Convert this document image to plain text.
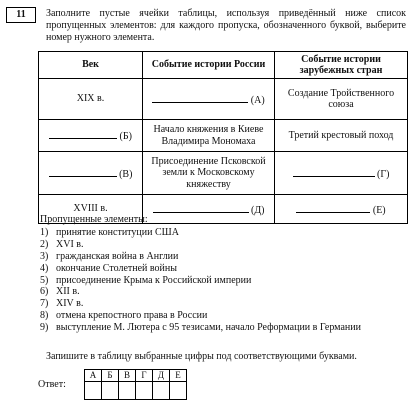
11	Заполните пустые ячейки таблицы, используя приведённый ниже список пропущенных элементов: для каждого пропуска, обозначенного буквой, выберите номер нужного элемента.
Век	Событие истории России	Событие истории зарубежных стран
XIX в.	(А)	Создание Тройственного союза
(Б)	Начало княжения в Киеве Владимира Мономаха	Третий крестовый поход
(В)	Присоединение Псковской земли к Московскому княжеству	(Г)
XVIII в.	(Д)	(Е)
Пропущенные элементы:
1) принятие конституции США
2) XVI в.
3) гражданская война в Англии
4) окончание Столетней войны
5) присоединение Крыма к Российской империи
6) XII в.
7) XIV в.
8) отмена крепостного права в России
9) выступление М. Лютера с 95 тезисами, начало Реформации в Германии
Запишите в таблицу выбранные цифры под соответствующими буквами.
Ответ:
А	Б	В	Г	Д	Е
